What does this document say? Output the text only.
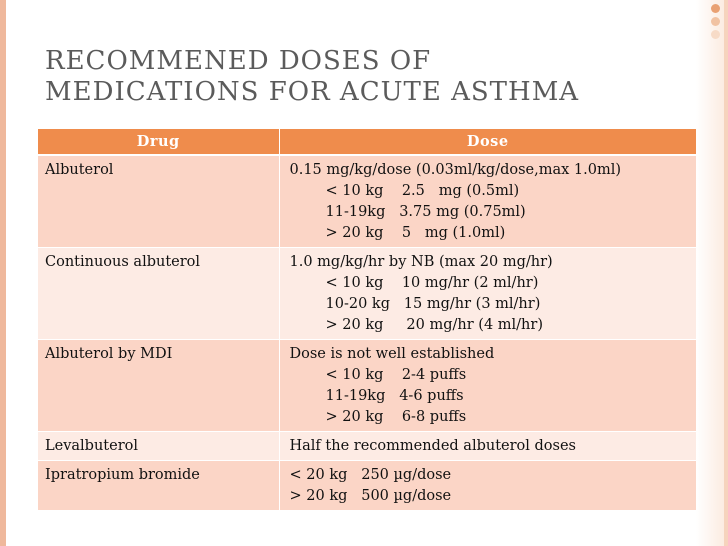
RECOMMENED DOSES OF
MEDICATIONS FOR ACUTE ASTHMA
Drug	Dose
Albuterol	0.15 mg/kg/dose (0.03ml/kg/dose,max 1.0ml)
< 10 kg    2.5   mg (0.5ml)
11-19kg   3.75 mg (0.75ml)
> 20 kg    5   mg (1.0ml)

Continuous albuterol	1.0 mg/kg/hr by NB (max 20 mg/hr)
< 10 kg    10 mg/hr (2 ml/hr)
10-20 kg   15 mg/hr (3 ml/hr)
> 20 kg     20 mg/hr (4 ml/hr)

Albuterol by MDI	Dose is not well established
< 10 kg    2-4 puffs
11-19kg   4-6 puffs
> 20 kg    6-8 puffs

Levalbuterol	Half the recommended albuterol doses

Ipratropium bromide	< 20 kg   250 µg/dose
> 20 kg   500 µg/dose
